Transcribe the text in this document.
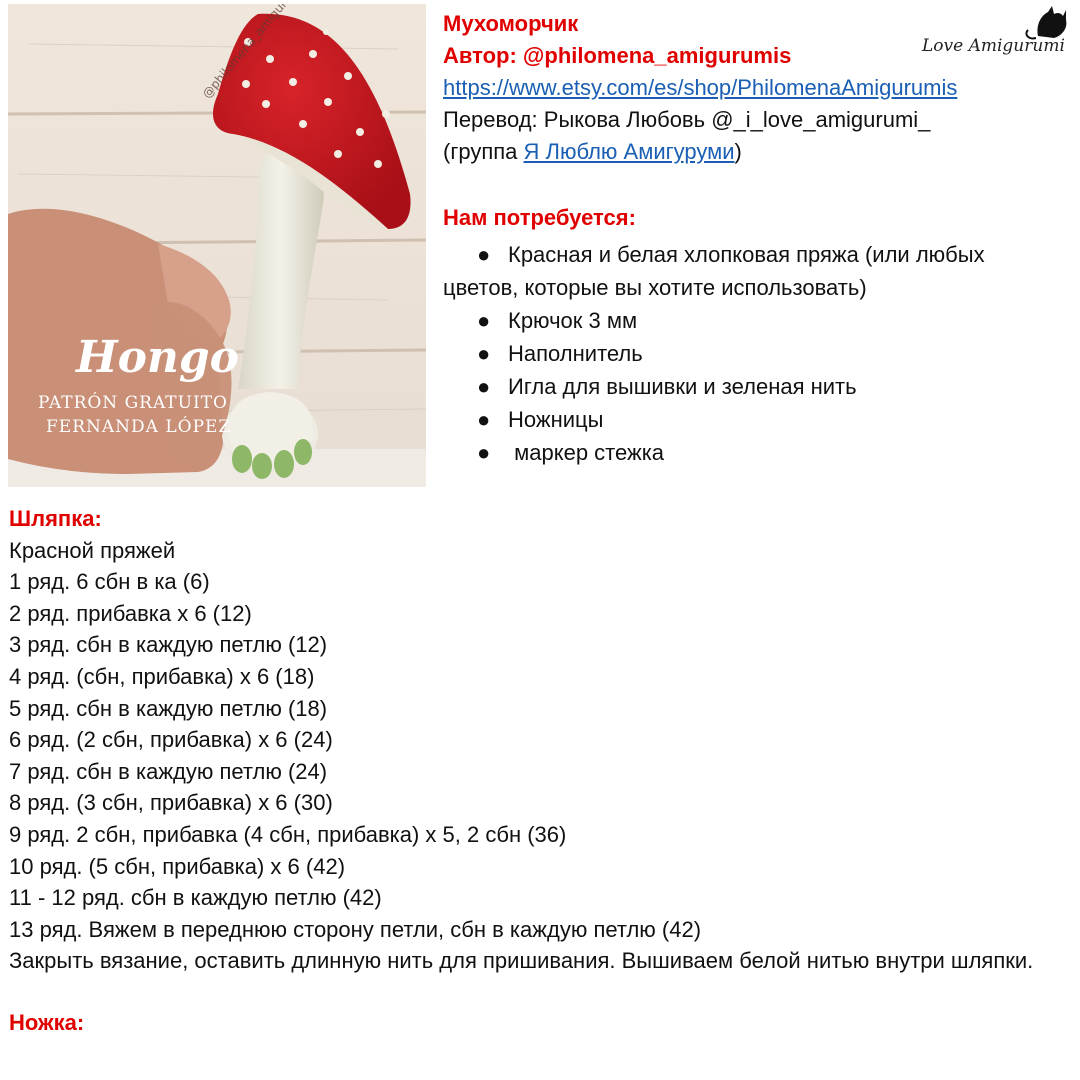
Hongo
PATRÓN GRATUITO
FERNANDA LÓPEZ
Love Amigurumi
Мухоморчик
Автор: @philomena_amigurumis
https://www.etsy.com/es/shop/PhilomenaAmigurumis
Перевод: Рыкова Любовь @_i_love_amigurumi_
(группа Я Люблю Амигуруми)
Нам потребуется:
● Красная и белая хлопковая пряжа (или любых
цветов, которые вы хотите использовать)
● Крючок 3 мм
● Наполнитель
● Игла для вышивки и зеленая нить
● Ножницы
● маркер стежка
Шляпка:
Красной пряжей
1 ряд. 6 сбн в ка (6)
2 ряд. прибавка х 6 (12)
3 ряд. сбн в каждую петлю (12)
4 ряд. (сбн, прибавка) х 6 (18)
5 ряд. сбн в каждую петлю (18)
6 ряд. (2 сбн, прибавка) х 6 (24)
7 ряд. сбн в каждую петлю (24)
8 ряд. (3 сбн, прибавка) х 6 (30)
9 ряд. 2 сбн, прибавка (4 сбн, прибавка) х 5, 2 сбн (36)
10 ряд. (5 сбн, прибавка) х 6 (42)
11 - 12 ряд. сбн в каждую петлю (42)
13 ряд. Вяжем в переднюю сторону петли, сбн в каждую петлю (42)
Закрыть вязание, оставить длинную нить для пришивания. Вышиваем белой нитью внутри шляпки.
Ножка:
